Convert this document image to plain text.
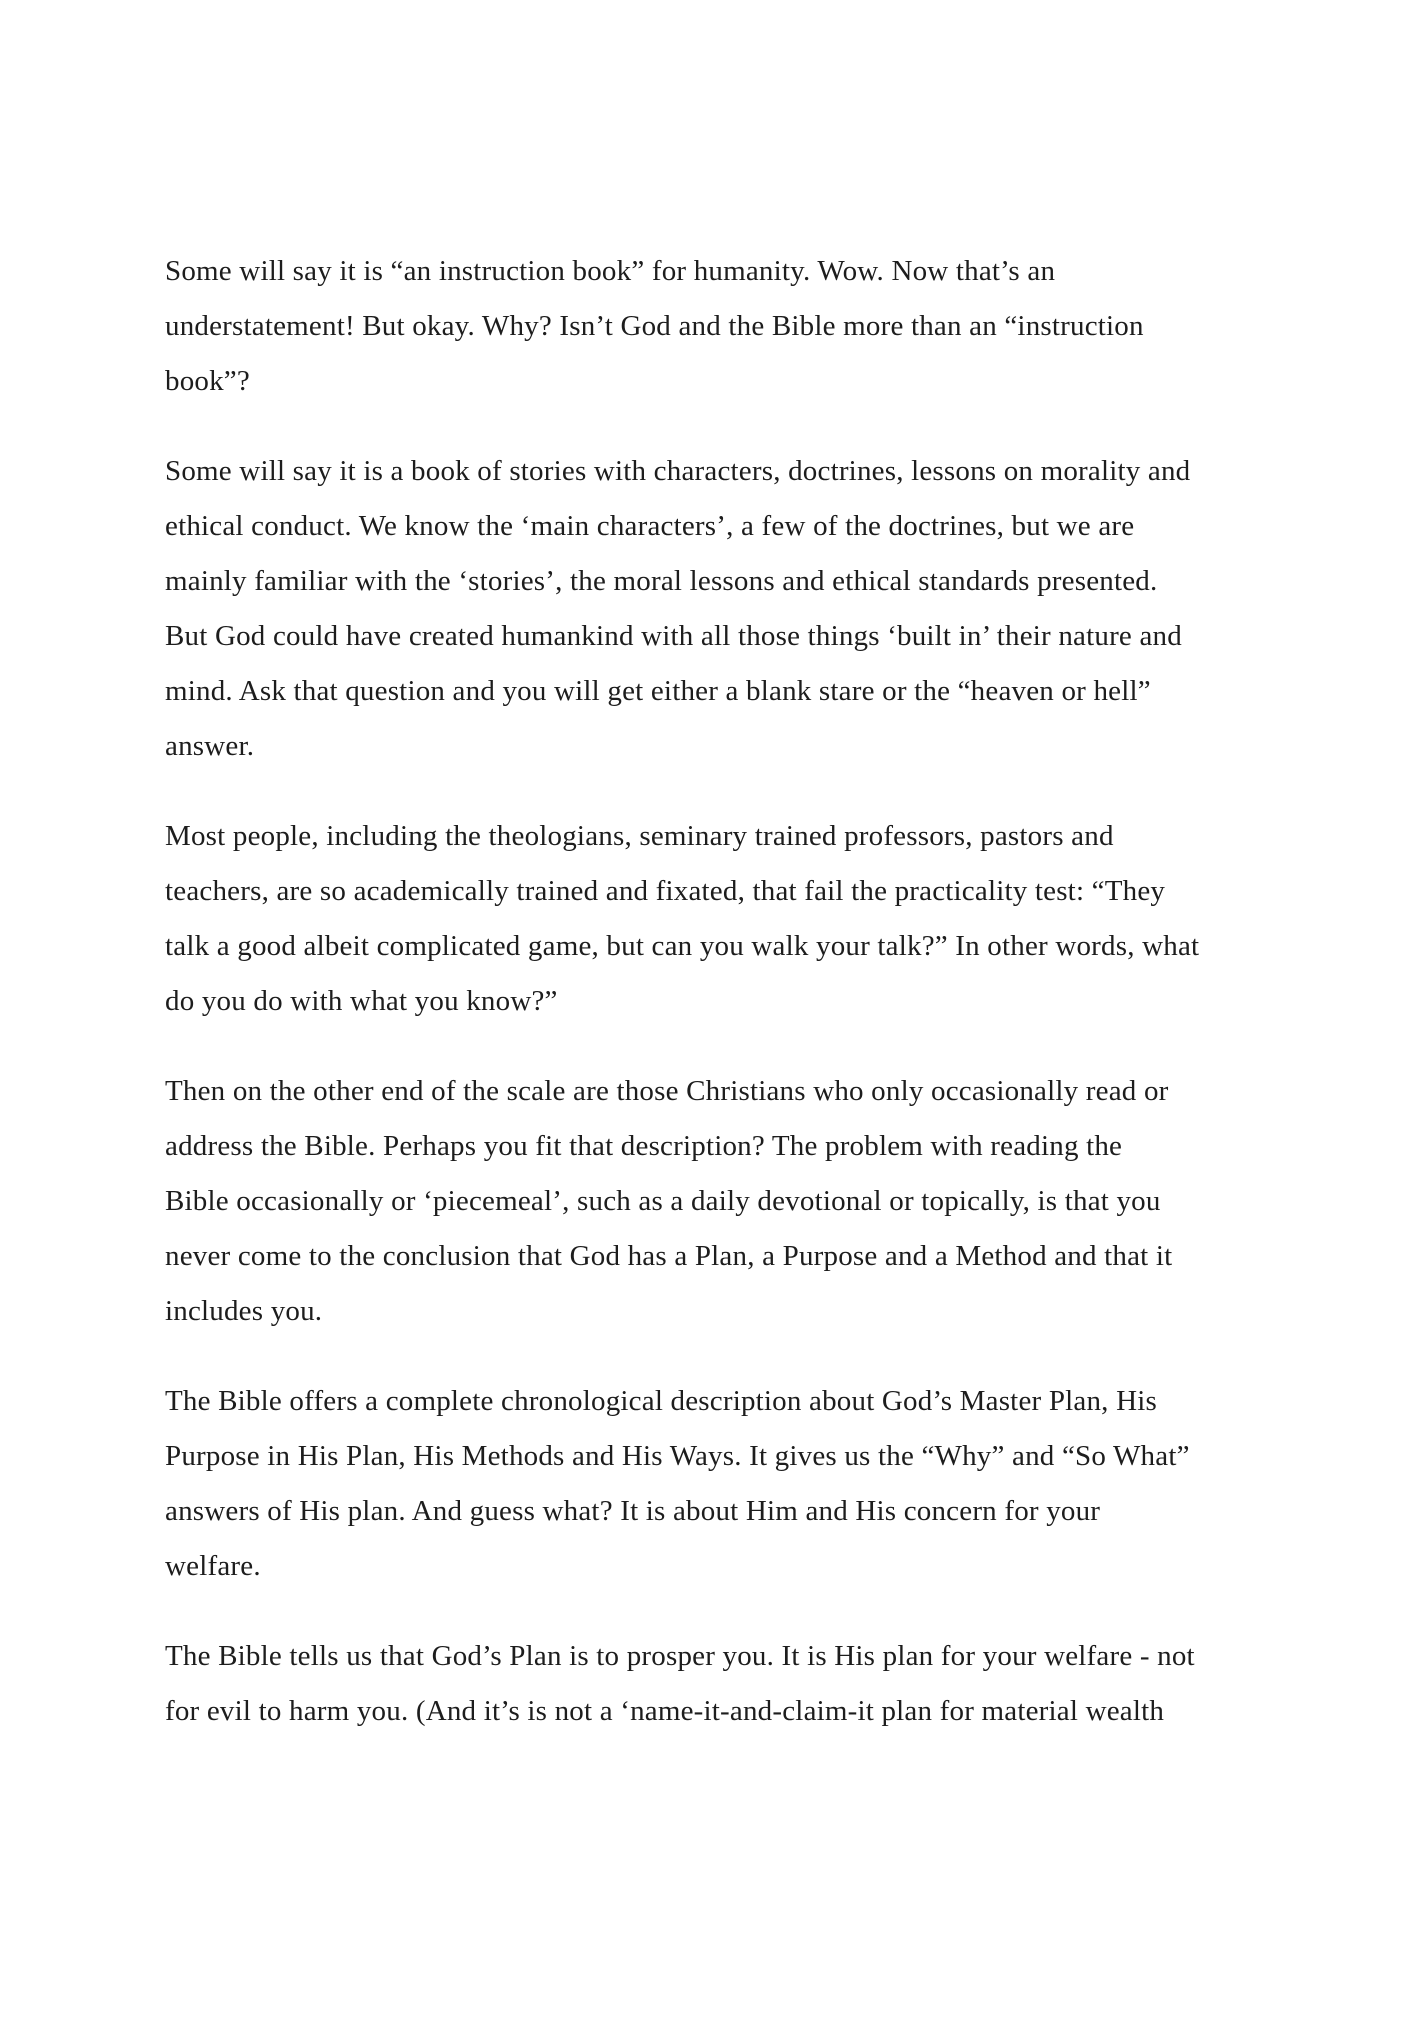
Some will say it is “an instruction book” for humanity. Wow. Now that’s an
understatement! But okay. Why? Isn’t God and the Bible more than an “instruction
book”?
Some will say it is a book of stories with characters, doctrines, lessons on morality and
ethical conduct. We know the ‘main characters’, a few of the doctrines, but we are
mainly familiar with the ‘stories’, the moral lessons and ethical standards presented.
But God could have created humankind with all those things ‘built in’ their nature and
mind. Ask that question and you will get either a blank stare or the “heaven or hell”
answer.
Most people, including the theologians, seminary trained professors, pastors and
teachers, are so academically trained and fixated, that fail the practicality test: “They
talk a good albeit complicated game, but can you walk your talk?” In other words, what
do you do with what you know?”
Then on the other end of the scale are those Christians who only occasionally read or
address the Bible. Perhaps you fit that description? The problem with reading the
Bible occasionally or ‘piecemeal’, such as a daily devotional or topically, is that you
never come to the conclusion that God has a Plan, a Purpose and a Method and that it
includes you.
The Bible offers a complete chronological description about God’s Master Plan, His
Purpose in His Plan, His Methods and His Ways. It gives us the “Why” and “So What”
answers of His plan. And guess what? It is about Him and His concern for your
welfare.
The Bible tells us that God’s Plan is to prosper you. It is His plan for your welfare - not
for evil to harm you. (And it’s is not a ‘name-it-and-claim-it plan for material wealth
